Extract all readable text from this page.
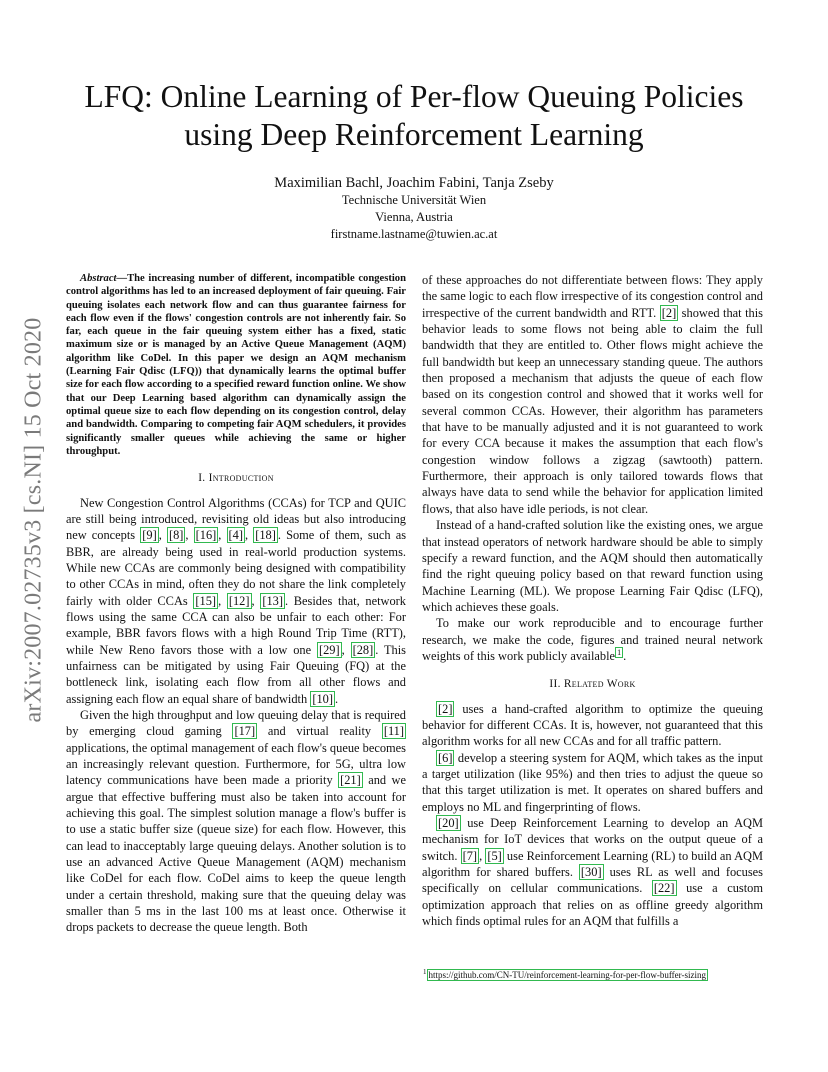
arXiv:2007.02735v3 [cs.NI] 15 Oct 2020
LFQ: Online Learning of Per-flow Queuing Policies
using Deep Reinforcement Learning
Maximilian Bachl, Joachim Fabini, Tanja Zseby
Technische Universität Wien
Vienna, Austria
firstname.lastname@tuwien.ac.at

Abstract—The increasing number of different, incompatible congestion control algorithms has led to an increased deployment of fair queuing. Fair queuing isolates each network flow and can thus guarantee fairness for each flow even if the flows' congestion controls are not inherently fair. So far, each queue in the fair queuing system either has a fixed, static maximum size or is managed by an Active Queue Management (AQM) algorithm like CoDel. In this paper we design an AQM mechanism (Learning Fair Qdisc (LFQ)) that dynamically learns the optimal buffer size for each flow according to a specified reward function online. We show that our Deep Learning based algorithm can dynamically assign the optimal queue size to each flow depending on its congestion control, delay and bandwidth. Comparing to competing fair AQM schedulers, it provides significantly smaller queues while achieving the same or higher throughput.

I. Introduction

New Congestion Control Algorithms (CCAs) for TCP and QUIC are still being introduced, revisiting old ideas but also introducing new concepts [9] , [8] , [16] , [4] , [18] . Some of them, such as BBR, are already being used in real-world production systems. While new CCAs are commonly being designed with compatibility to other CCAs in mind, often they do not share the link completely fairly with older CCAs [15] , [12] , [13] . Besides that, network flows using the same CCA can also be unfair to each other: For example, BBR favors flows with a high Round Trip Time (RTT), while New Reno favors those with a low one [29] , [28] . This unfairness can be mitigated by using Fair Queuing (FQ) at the bottleneck link, isolating each flow from all other flows and assigning each flow an equal share of bandwidth [10] .

Given the high throughput and low queuing delay that is required by emerging cloud gaming [17] and virtual reality [11] applications, the optimal management of each flow's queue becomes an increasingly relevant question. Furthermore, for 5G, ultra low latency communications have been made a priority [21] and we argue that effective buffering must also be taken into account for achieving this goal. The simplest solution manage a flow's buffer is to use a static buffer size (queue size) for each flow. However, this can lead to inacceptably large queuing delays. Another solution is to use an advanced Active Queue Management (AQM) mechanism like CoDel for each flow. CoDel aims to keep the queue length under a certain threshold, making sure that the queuing delay was smaller than 5 ms in the last 100 ms at least once. Otherwise it drops packets to decrease the queue length. Both

of these approaches do not differentiate between flows: They apply the same logic to each flow irrespective of its congestion control and irrespective of the current bandwidth and RTT. [2] showed that this behavior leads to some flows not being able to claim the full bandwidth that they are entitled to. Other flows might achieve the full bandwidth but keep an unnecessary standing queue. The authors then proposed a mechanism that adjusts the queue of each flow based on its congestion control and showed that it works well for several common CCAs. However, their algorithm has parameters that have to be manually adjusted and it is not guaranteed to work for every CCA because it makes the assumption that each flow's congestion window follows a zigzag (sawtooth) pattern. Furthermore, their approach is only tailored towards flows that always have data to send while the behavior for application limited flows, that also have idle periods, is not clear.

Instead of a hand-crafted solution like the existing ones, we argue that instead operators of network hardware should be able to simply specify a reward function, and the AQM should then automatically find the right queuing policy based on that reward function using Machine Learning (ML). We propose Learning Fair Qdisc (LFQ), which achieves these goals.

To make our work reproducible and to encourage further research, we make the code, figures and trained neural network weights of this work publicly available $^1$ .

II. Related Work

[2] uses a hand-crafted algorithm to optimize the queuing behavior for different CCAs. It is, however, not guaranteed that this algorithm works for all new CCAs and for all traffic pattern.

[6] develop a steering system for AQM, which takes as the input a target utilization (like 95%) and then tries to adjust the queue so that this target utilization is met. It operates on shared buffers and employs no ML and fingerprinting of flows.

[20] use Deep Reinforcement Learning to develop an AQM mechanism for IoT devices that works on the output queue of a switch. [7] , [5] use Reinforcement Learning (RL) to build an AQM algorithm for shared buffers. [30] uses RL as well and focuses specifically on cellular communications. [22] use a custom optimization approach that relies on as offline greedy algorithm which finds optimal rules for an AQM that fulfills a

$^1$ https://github.com/CN-TU/reinforcement-learning-for-per-flow-buffer-sizing
